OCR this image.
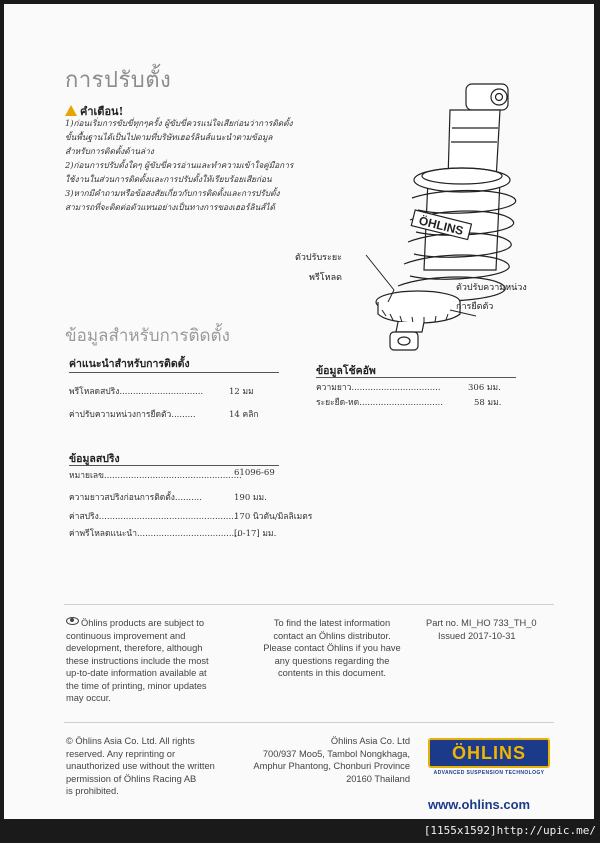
การปรับตั้ง
คำเตือน!
1)ก่อนเริ่มการขับขี่ทุกๆครั้ง ผู้ขับขี่ควรแน่ใจเสียก่อนว่าการติดตั้ง
ขั้นพื้นฐานได้เป็นไปตามที่บริษัทเฮอร์ลินส์แนะนำตามข้อมูล
สำหรับการติดตั้งด้านล่าง
2)ก่อนการปรับตั้งใดๆ ผู้ขับขี่ควรอ่านและทำความเข้าใจคู่มือการ
ใช้งานในส่วนการติดตั้งและการปรับตั้งให้เรียบร้อยเสียก่อน
3)หากมีคำถามหรือข้อสงสัยเกี่ยวกับการติดตั้งและการปรับตั้ง
สามารถที่จะติดต่อตัวแทนอย่างเป็นทางการของเฮอร์ลินส์ได้
ÖHLINS
ตัวปรับระยะ
พรีโหลด
ตัวปรับความหน่วง
การยืดตัว
ข้อมูลสำหรับการติดตั้ง
ค่าแนะนำสำหรับการติดตั้ง
พรีโหลดสปริง...............................	12 มม
ค่าปรับความหน่วงการยืดตัว.........	14 คลิก
ข้อมูลโช้คอัพ
ความยาว.................................	306 มม.
ระยะยืด-หด...............................	58 มม.
ข้อมูลสปริง
หมายเลข...................................................
61096-69
ความยาวสปริงก่อนการติดตั้ง..........	190 มม.
ค่าสปริง...................................................
170 นิวตัน/มิลลิเมตร
ค่าพรีโหลดแนะนำ......................................
[0-17] มม.
Öhlins products are subject to
continuous improvement and
development, therefore, although
these instructions include the most
up-to-date information available at
the time of printing, minor updates
may occur.
To find the latest information
contact an Öhlins distributor.
Please contact Öhlins if you have
any questions regarding the
contents in this document.
Part no. MI_HO 733_TH_0
Issued 2017-10-31
© Öhlins Asia Co. Ltd. All rights
reserved. Any reprinting or
unauthorized use without the written
permission of Öhlins Racing AB
is prohibited.
Öhlins Asia Co. Ltd
700/937 Moo5, Tambol Nongkhaga,
Amphur Phantong, Chonburi Province
20160 Thailand
ÖHLINS
ADVANCED SUSPENSION TECHNOLOGY
www.ohlins.com
[1155x1592]http://upic.me/
